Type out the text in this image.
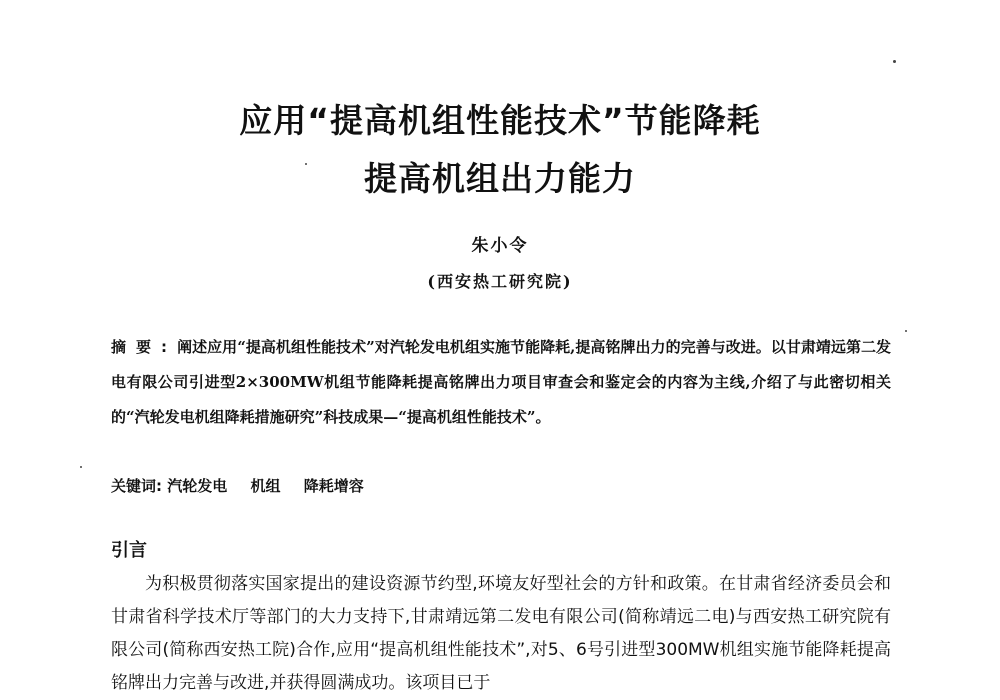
应用“提高机组性能技术”节能降耗
提高机组出力能力
朱小令
(西安热工研究院)

摘要:阐述应用“提高机组性能技术”对汽轮发电机组实施节能降耗,提高铭牌出力的完善与改进。以甘肃靖远第二发电有限公司引进型2×300MW机组节能降耗提高铭牌出力项目审查会和鉴定会的内容为主线,介绍了与此密切相关的“汽轮发电机组降耗措施研究”科技成果—“提高机组性能技术”。

关键词: 汽轮发电 机组 降耗增容

引言

为积极贯彻落实国家提出的建设资源节约型,环境友好型社会的方针和政策。在甘肃省经济委员会和甘肃省科学技术厅等部门的大力支持下,甘肃靖远第二发电有限公司(简称靖远二电)与西安热工研究院有限公司(简称西安热工院)合作,应用“提高机组性能技术”,对5、6号引进型300MW机组实施节能降耗提高铭牌出力完善与改进,并获得圆满成功。该项目已于
